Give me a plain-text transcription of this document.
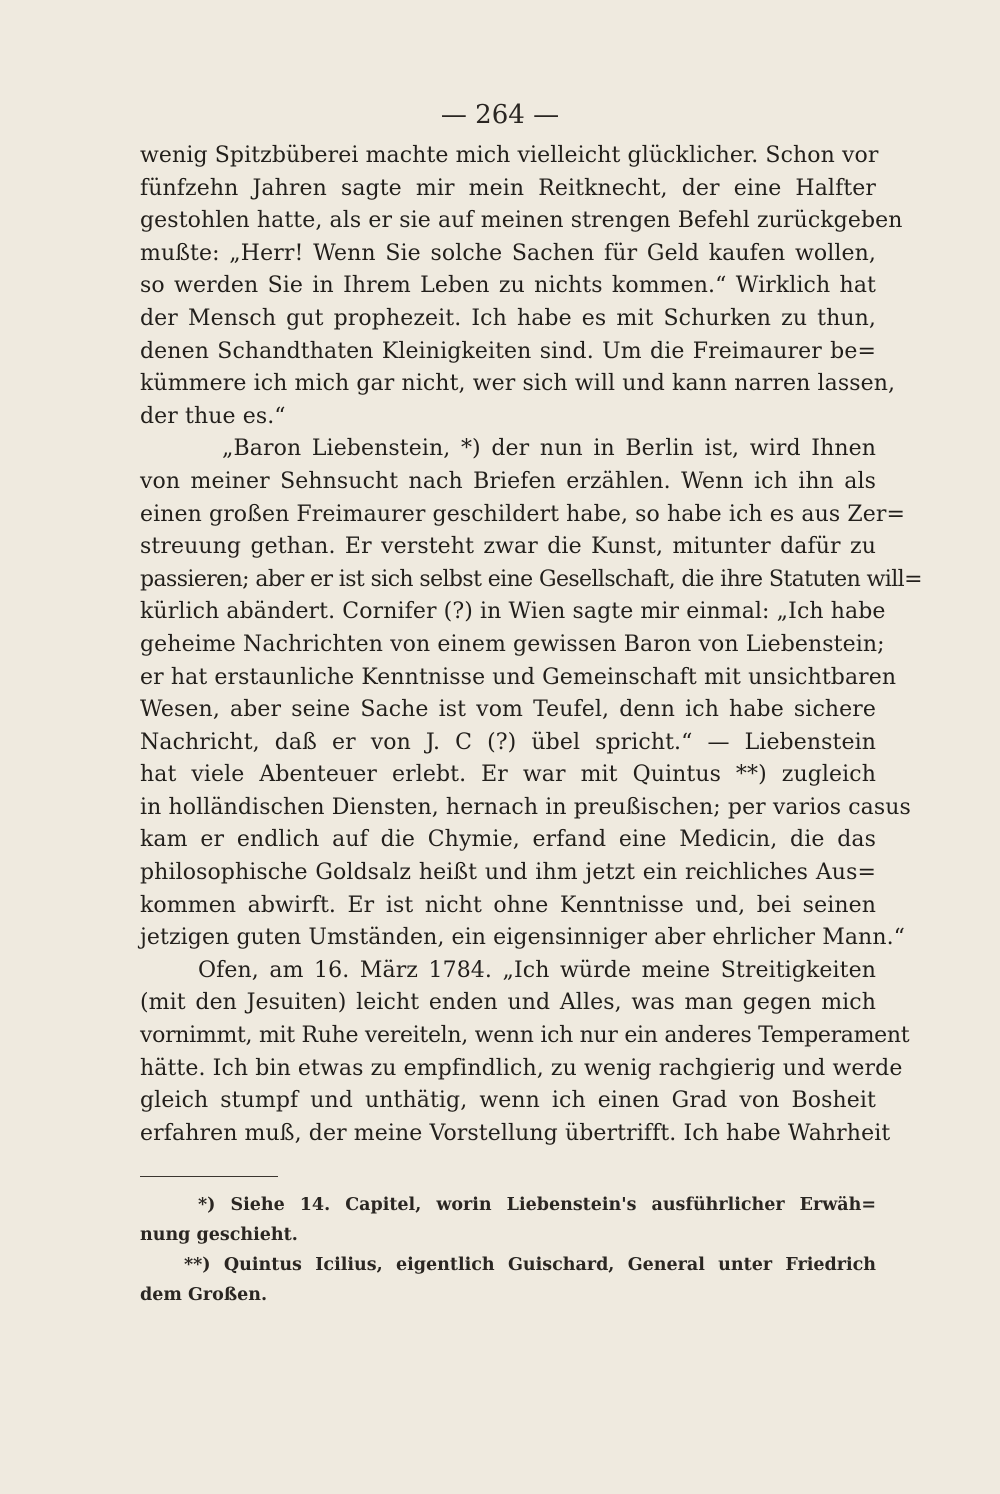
— 264 —
wenig Spitzbüberei machte mich vielleicht glücklicher. Schon vor
fünfzehn Jahren sagte mir mein Reitknecht, der eine Halfter
gestohlen hatte, als er sie auf meinen strengen Befehl zurückgeben
mußte: „Herr! Wenn Sie solche Sachen für Geld kaufen wollen,
so werden Sie in Ihrem Leben zu nichts kommen.“ Wirklich hat
der Mensch gut prophezeit. Ich habe es mit Schurken zu thun,
denen Schandthaten Kleinigkeiten sind. Um die Freimaurer be=
kümmere ich mich gar nicht, wer sich will und kann narren lassen,
der thue es.“
„Baron Liebenstein, *) der nun in Berlin ist, wird Ihnen
von meiner Sehnsucht nach Briefen erzählen. Wenn ich ihn als
einen großen Freimaurer geschildert habe, so habe ich es aus Zer=
streuung gethan. Er versteht zwar die Kunst, mitunter dafür zu
passieren; aber er ist sich selbst eine Gesellschaft, die ihre Statuten will=
kürlich abändert. Cornifer (?) in Wien sagte mir einmal: „Ich habe
geheime Nachrichten von einem gewissen Baron von Liebenstein;
er hat erstaunliche Kenntnisse und Gemeinschaft mit unsichtbaren
Wesen, aber seine Sache ist vom Teufel, denn ich habe sichere
Nachricht, daß er von J. C (?) übel spricht.“ — Liebenstein
hat viele Abenteuer erlebt. Er war mit Quintus **) zugleich
in holländischen Diensten, hernach in preußischen; per varios casus
kam er endlich auf die Chymie, erfand eine Medicin, die das
philosophische Goldsalz heißt und ihm jetzt ein reichliches Aus=
kommen abwirft. Er ist nicht ohne Kenntnisse und, bei seinen
jetzigen guten Umständen, ein eigensinniger aber ehrlicher Mann.“
Ofen, am 16. März 1784. „Ich würde meine Streitigkeiten
(mit den Jesuiten) leicht enden und Alles, was man gegen mich
vornimmt, mit Ruhe vereiteln, wenn ich nur ein anderes Temperament
hätte. Ich bin etwas zu empfindlich, zu wenig rachgierig und werde
gleich stumpf und unthätig, wenn ich einen Grad von Bosheit
erfahren muß, der meine Vorstellung übertrifft. Ich habe Wahrheit
*) Siehe 14. Capitel, worin Liebenstein's ausführlicher Erwäh=
nung geschieht.
**) Quintus Icilius, eigentlich Guischard, General unter Friedrich
dem Großen.
